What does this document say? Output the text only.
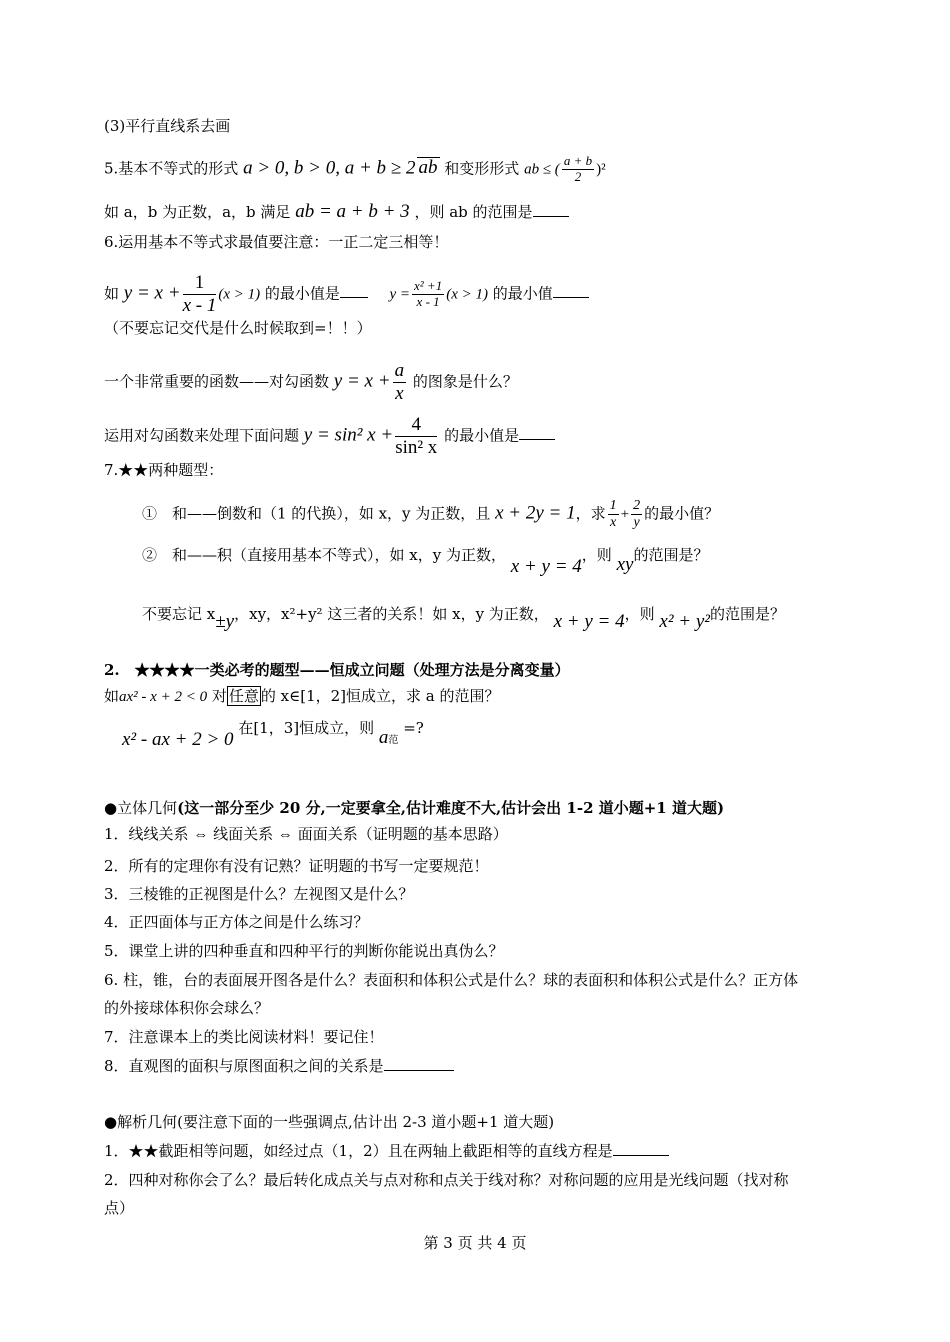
(3)平行直线系去画
5.基本不等式的形式 a > 0, b > 0, a + b ≥ 2 ab 和变形形式 ab ≤ ( $\frac{a + b}{2} )^2$
如 a，b 为正数，a，b 满足 ab = a + b + 3 ，则 ab 的范围是
6.运用基本不等式求最值要注意：一正二定三相等！
如 $y = x + \frac{1}{x - 1} (x > 1)$ 的最小值是	$y = \frac{\text{x² +1}}{x - 1} (x > 1)$ 的最小值
（不要忘记交代是什么时候取到=！！）
一个非常重要的函数——对勾函数 $y = x + \frac{a}{x}$ 的图象是什么？
运用对勾函数来处理下面问题 y = sin² $x + \frac{4}{\text{sin² x}}$ 的最小值是
7.★★两种题型：
①　和——倒数和（1 的代换），如 x，y 为正数，且 x + 2y = 1，求 $\frac{1}{x} + \frac{2}{y}$ 的最小值？
②　和——积（直接用基本不等式），如 x，y 为正数， x + y = 4，则 xy的范围是？
不要忘记 x±y，xy，x²+y² 这三者的关系！如 x，y 为正数， x + y = 4，则 x² + y²的范围是？
2.　★★★★一类必考的题型——恒成立问题（处理方法是分离变量）
如ax² - x + 2 < 0 对 任意 的 x∈[1，2]恒成立，求 a 的范围？
x² - ax + 2 > 0 在[1，3]恒成立，则 $a_范$ =?
●立体几何(这一部分至少 20 分,一定要拿全,估计难度不大,估计会出 1-2 道小题+1 道大题)
1．线线关系 ⇔ 线面关系 ⇔ 面面关系（证明题的基本思路）
2．所有的定理你有没有记熟？证明题的书写一定要规范！
3．三棱锥的正视图是什么？左视图又是什么？
4．正四面体与正方体之间是什么练习？
5．课堂上讲的四种垂直和四种平行的判断你能说出真伪么？
6. 柱，锥，台的表面展开图各是什么？表面积和体积公式是什么？球的表面积和体积公式是什么？正方体
的外接球体积你会球么？
7．注意课本上的类比阅读材料！要记住！
8．直观图的面积与原图面积之间的关系是
●解析几何(要注意下面的一些强调点,估计出 2-3 道小题+1 道大题)
1．★★截距相等问题，如经过点（1，2）且在两轴上截距相等的直线方程是
2．四种对称你会了么？最后转化成点关与点对称和点关于线对称？对称问题的应用是光线问题（找对称
点）
第 3 页 共 4 页
